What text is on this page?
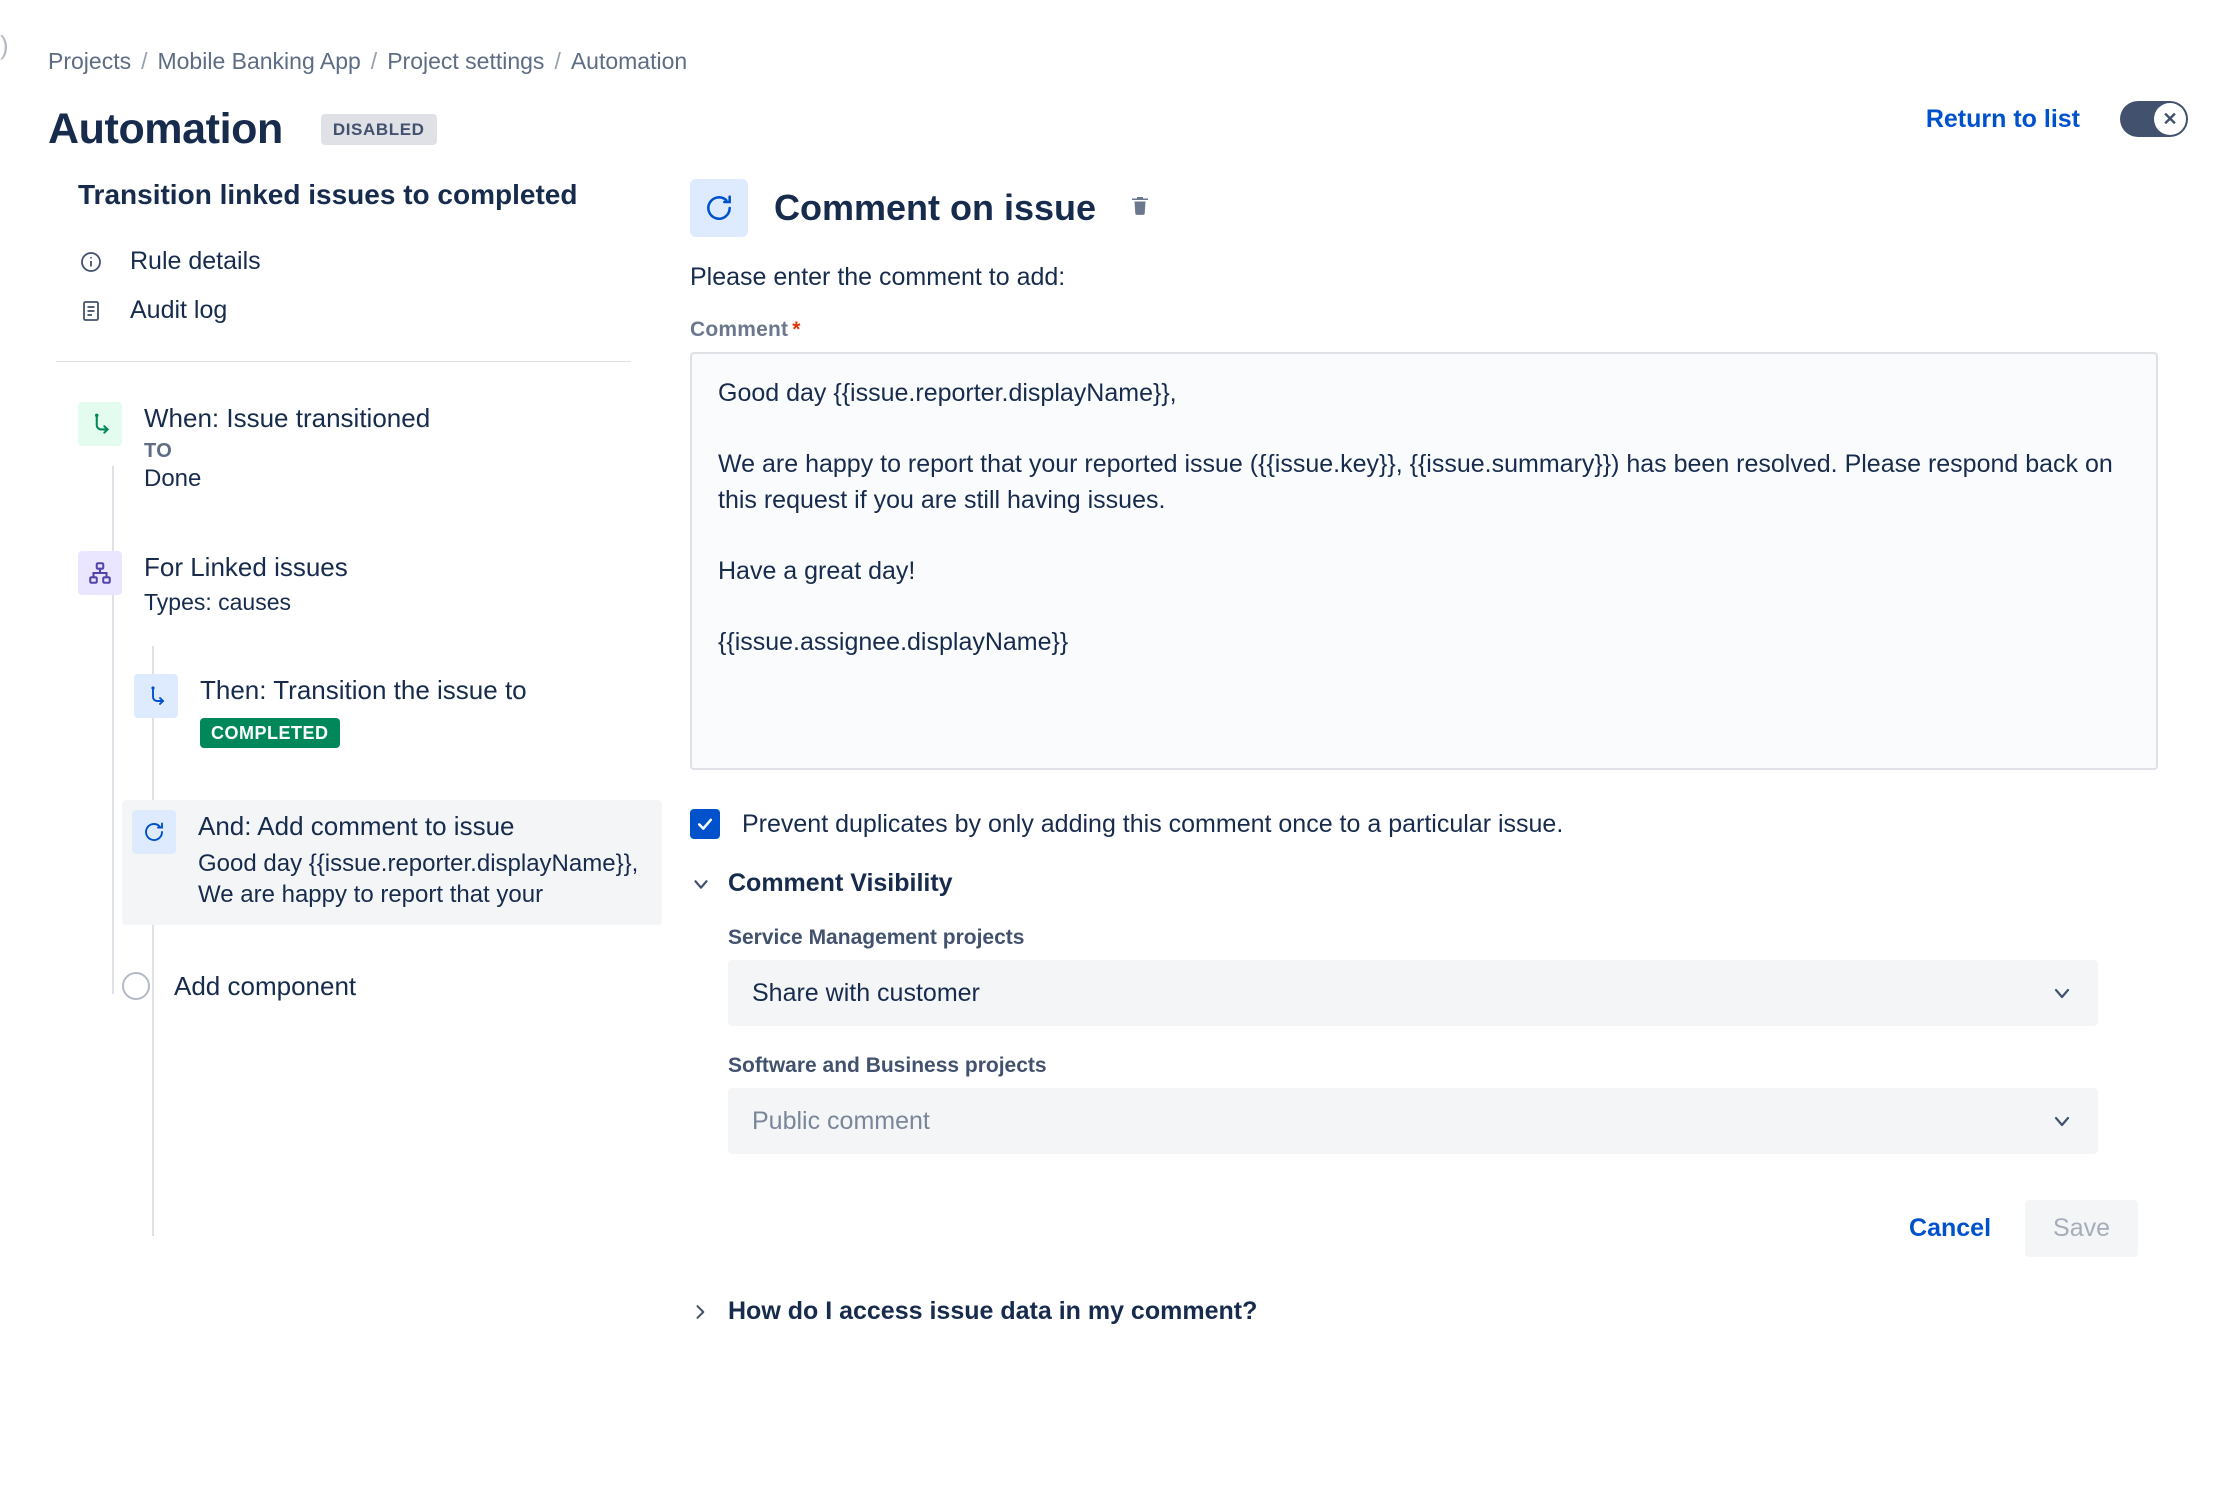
)
Projects / Mobile Banking App / Project settings / Automation
Automation	DISABLED	Return to list	✕
Transition linked issues to completed
Rule details
Audit log
When: Issue transitioned
TO
Done
For Linked issues
Types: causes
Then: Transition the issue to
COMPLETED
And: Add comment to issue
Good day {{issue.reporter.displayName}}, We are happy to report that your
Add component
Comment on issue
Please enter the comment to add:
Comment *
Good day {{issue.reporter.displayName}}, We are happy to report that your reported issue ({{issue.key}}, {{issue.summary}}) has been resolved. Please respond back on this request if you are still having issues. Have a great day! {{issue.assignee.displayName}}
Prevent duplicates by only adding this comment once to a particular issue.
Comment Visibility
Service Management projects
Share with customer
Software and Business projects
Public comment
Cancel	Save
How do I access issue data in my comment?
